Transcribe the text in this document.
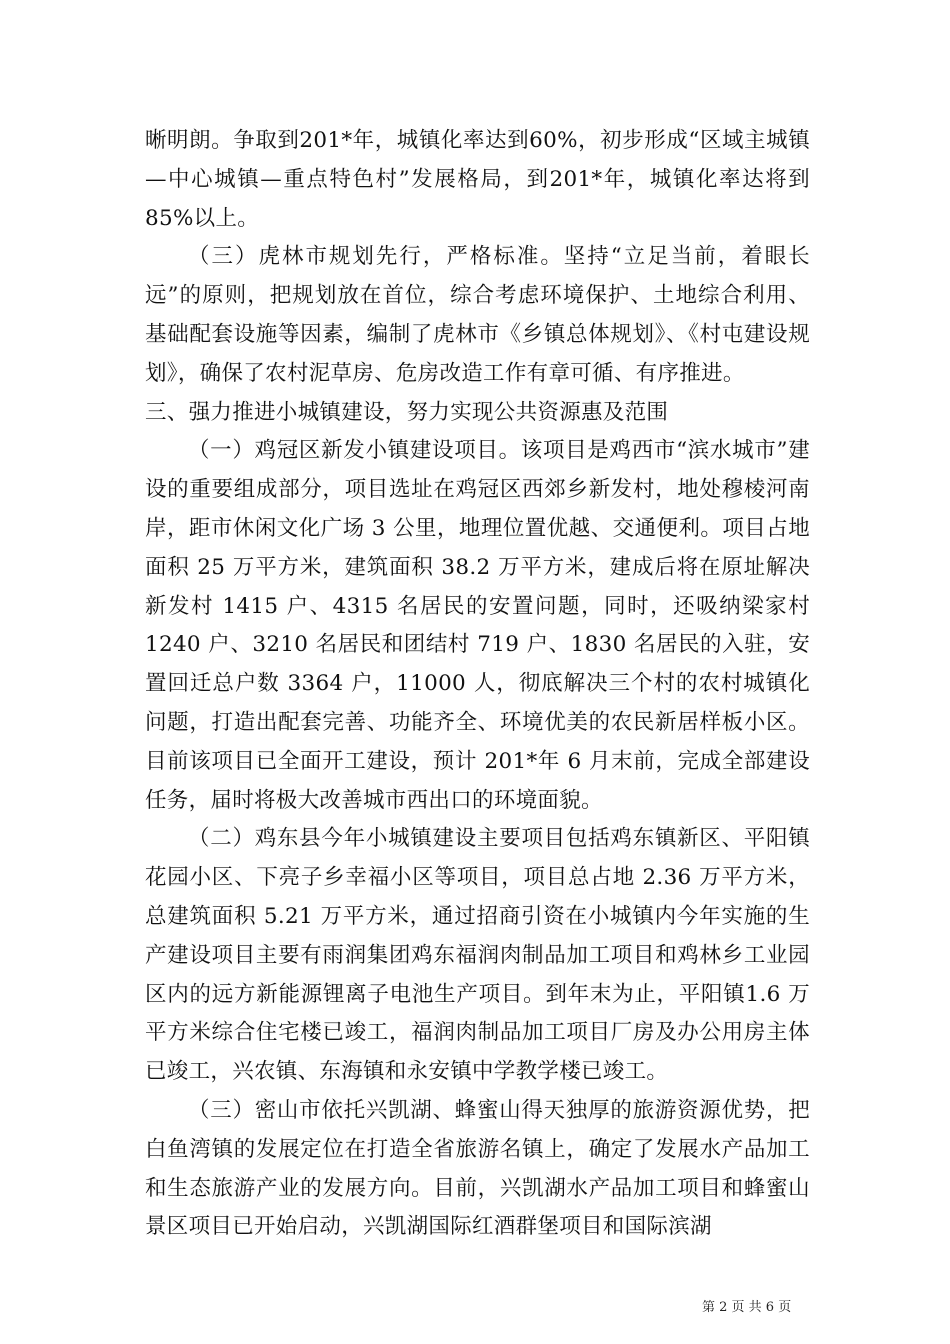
晰明朗。争取到201*年，城镇化率达到60%，初步形成“区域主城镇—中心城镇—重点特色村”发展格局，到201*年，城镇化率达将到85%以上。

（三）虎林市规划先行，严格标准。坚持“立足当前，着眼长远”的原则，把规划放在首位，综合考虑环境保护、土地综合利用、基础配套设施等因素，编制了虎林市《乡镇总体规划》、《村屯建设规划》，确保了农村泥草房、危房改造工作有章可循、有序推进。

三、强力推进小城镇建设，努力实现公共资源惠及范围

（一）鸡冠区新发小镇建设项目。该项目是鸡西市“滨水城市”建设的重要组成部分，项目选址在鸡冠区西郊乡新发村，地处穆棱河南岸，距市休闲文化广场 3 公里，地理位置优越、交通便利。项目占地面积 25 万平方米，建筑面积 38.2 万平方米，建成后将在原址解决新发村 1415 户、4315 名居民的安置问题，同时，还吸纳梁家村 1240 户、3210 名居民和团结村 719 户、1830 名居民的入驻，安置回迁总户数 3364 户，11000 人，彻底解决三个村的农村城镇化问题，打造出配套完善、功能齐全、环境优美的农民新居样板小区。目前该项目已全面开工建设，预计 201*年 6 月末前，完成全部建设任务，届时将极大改善城市西出口的环境面貌。

（二）鸡东县今年小城镇建设主要项目包括鸡东镇新区、平阳镇花园小区、下亮子乡幸福小区等项目，项目总占地 2.36 万平方米，总建筑面积 5.21 万平方米，通过招商引资在小城镇内今年实施的生产建设项目主要有雨润集团鸡东福润肉制品加工项目和鸡林乡工业园区内的远方新能源锂离子电池生产项目。到年末为止，平阳镇1.6 万平方米综合住宅楼已竣工，福润肉制品加工项目厂房及办公用房主体已竣工，兴农镇、东海镇和永安镇中学教学楼已竣工。

（三）密山市依托兴凯湖、蜂蜜山得天独厚的旅游资源优势，把白鱼湾镇的发展定位在打造全省旅游名镇上，确定了发展水产品加工和生态旅游产业的发展方向。目前，兴凯湖水产品加工项目和蜂蜜山景区项目已开始启动，兴凯湖国际红酒群堡项目和国际滨湖

第 2 页 共 6 页
